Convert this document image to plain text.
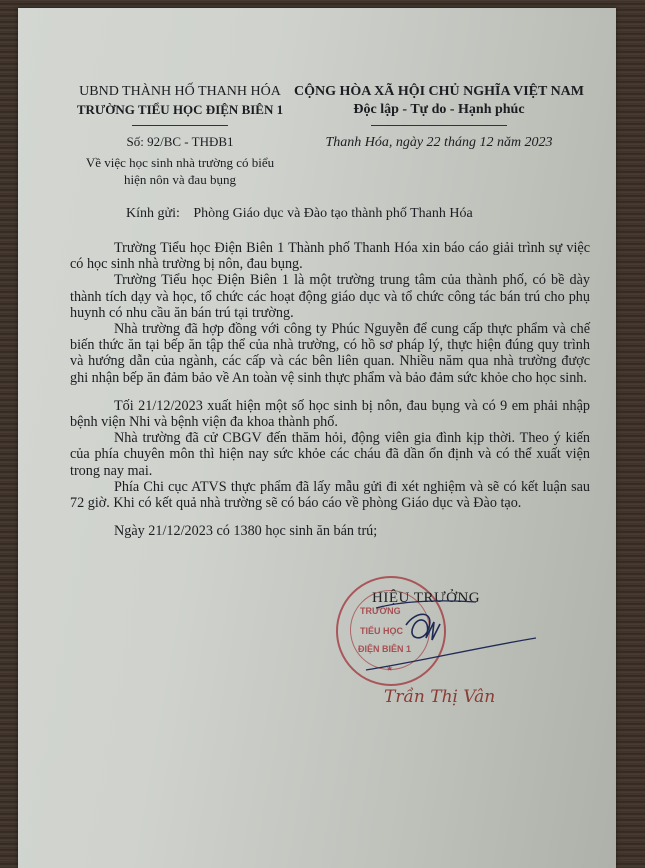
UBND THÀNH HỐ THANH HÓA
TRƯỜNG TIỂU HỌC ĐIỆN BIÊN 1
Số: 92/BC - THĐB1
Về việc học sinh nhà trường có biểu
hiện nôn và đau bụng
CỘNG HÒA XÃ HỘI CHỦ NGHĨA VIỆT NAM
Độc lập - Tự do - Hạnh phúc
Thanh Hóa, ngày 22 tháng 12 năm 2023
Kính gửi: Phòng Giáo dục và Đào tạo thành phố Thanh Hóa

Trường Tiểu học Điện Biên 1 Thành phố Thanh Hóa xin báo cáo giải trình sự việc có học sinh nhà trường bị nôn, đau bụng.

Trường Tiểu học Điện Biên 1 là một trường trung tâm của thành phố, có bề dày thành tích dạy và học, tổ chức các hoạt động giáo dục và tổ chức công tác bán trú cho phụ huynh có nhu cầu ăn bán trú tại trường.

Nhà trường đã hợp đồng với công ty Phúc Nguyễn để cung cấp thực phẩm và chế biến thức ăn tại bếp ăn tập thể của nhà trường, có hồ sơ pháp lý, thực hiện đúng quy trình và hướng dẫn của ngành, các cấp và các bên liên quan. Nhiều năm qua nhà trường được ghi nhận bếp ăn đảm bảo về An toàn vệ sinh thực phẩm và bảo đảm sức khỏe cho học sinh.

Tối 21/12/2023 xuất hiện một số học sinh bị nôn, đau bụng và có 9 em phải nhập bệnh viện Nhi và bệnh viện đa khoa thành phố.

Nhà trường đã cử CBGV đến thăm hỏi, động viên gia đình kịp thời. Theo ý kiến của phía chuyên môn thì hiện nay sức khỏe các cháu đã dần ổn định và có thể xuất viện trong nay mai.

Phía Chi cục ATVS thực phẩm đã lấy mẫu gửi đi xét nghiệm và sẽ có kết luận sau 72 giờ. Khi có kết quả nhà trường sẽ có báo cáo về phòng Giáo dục và Đào tạo.

Ngày 21/12/2023 có 1380 học sinh ăn bán trú;

TRƯỜNG
TIỂU HỌC
ĐIỆN BIÊN 1
★
HIỆU TRƯỞNG
Trần Thị Vân
